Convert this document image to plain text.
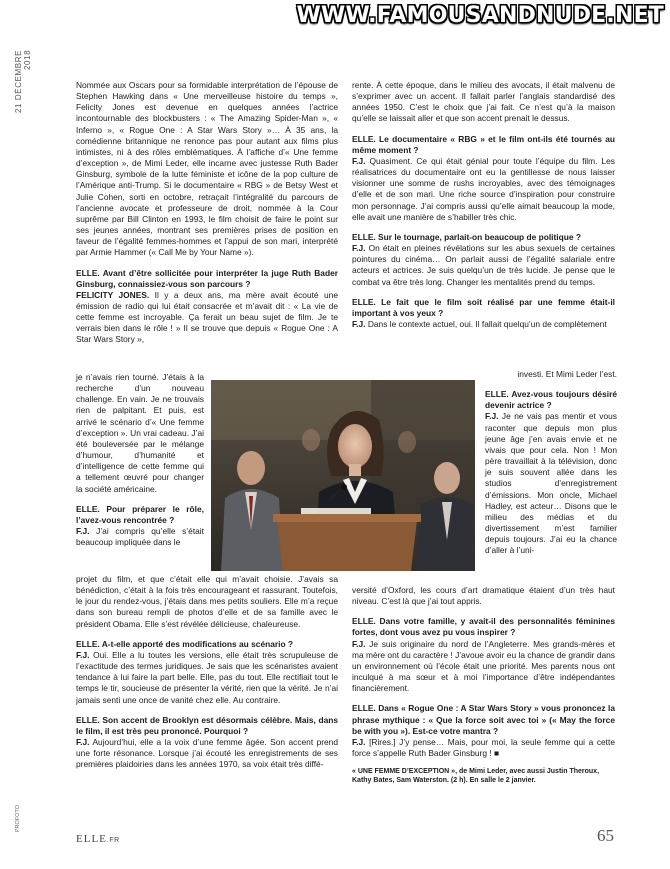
WWW.FAMOUSANDNUDE.NET
21 DÉCEMBRE 2018
PROFOTO

Nommée aux Oscars pour sa formidable interprétation de l’épouse de Stephen Hawking dans « Une merveilleuse histoire du temps », Felicity Jones est devenue en quelques années l’actrice incontournable des blockbusters : « The Amazing Spider-Man », « Inferno », « Rogue One : A Star Wars Story »… À 35 ans, la comédienne britannique ne renonce pas pour autant aux films plus intimistes, ni à des rôles emblématiques. À l’affiche d’« Une femme d’exception », de Mimi Leder, elle incarne avec justesse Ruth Bader Ginsburg, symbole de la lutte féministe et icône de la pop culture de l’Amérique anti-Trump. Si le documentaire « RBG » de Betsy West et Julie Cohen, sorti en octobre, retraçait l’intégralité du parcours de l’ancienne avocate et professeure de droit, nommée à la Cour suprême par Bill Clinton en 1993, le film choisit de faire le point sur ses jeunes années, montrant ses premières prises de position en faveur de l’égalité femmes-hommes et l’appui de son mari, interprété par Armie Hammer (« Call Me by Your Name »).

ELLE. Avant d’être sollicitée pour interpréter la juge Ruth Bader Ginsburg, connaissiez-vous son parcours ?

FELICITY JONES. Il y a deux ans, ma mère avait écouté une émission de radio qui lui était consacrée et m’avait dit : « La vie de cette femme est incroyable. Ça ferait un beau sujet de film. Je te verrais bien dans le rôle ! » Il se trouve que depuis « Rogue One : A Star Wars Story »,

je n’avais rien tourné. J’étais à la recherche d’un nouveau challenge. En vain. Je ne trouvais rien de palpitant. Et puis, est arrivé le scénario d’« Une femme d’exception ». Un vrai cadeau. J’ai été bouleversée par le mélange d’humour, d’humanité et d’intelligence de cette femme qui a tellement œuvré pour changer la société américaine.

ELLE. Pour préparer le rôle, l’avez-vous rencontrée ?

F.J. J’ai compris qu’elle s’était beaucoup impliquée dans le

projet du film, et que c’était elle qui m’avait choisie. J’avais sa bénédiction, c’était à la fois très encourageant et rassurant. Toutefois, le jour du rendez-vous, j’étais dans mes petits souliers. Elle m’a reçue dans son bureau rempli de photos d’elle et de sa famille avec le président Obama. Elle s’est révélée délicieuse, chaleureuse.

ELLE. A-t-elle apporté des modifications au scénario ?

F.J. Oui. Elle a lu toutes les versions, elle était très scrupuleuse de l’exactitude des termes juridiques. Je sais que les scénaristes avaient tendance à lui faire la part belle. Elle, pas du tout. Elle rectifiait tout le temps le tir, soucieuse de présenter la vérité, rien que la vérité. Je n’ai jamais senti une once de vanité chez elle. Au contraire.

ELLE. Son accent de Brooklyn est désormais célèbre. Mais, dans le film, il est très peu prononcé. Pourquoi ?

F.J. Aujourd’hui, elle a la voix d’une femme âgée. Son accent prend une forte résonance. Lorsque j’ai écouté les enregistrements de ses premières plaidoiries dans les années 1970, sa voix était très diffé-

rente. À cette époque, dans le milieu des avocats, il était malvenu de s’exprimer avec un accent. Il fallait parler l’anglais standardisé des années 1950. C’est le choix que j’ai fait. Ce n’est qu’à la maison qu’elle se laissait aller et que son accent prenait le dessus.

ELLE. Le documentaire « RBG » et le film ont-ils été tournés au même moment ?

F.J. Quasiment. Ce qui était génial pour toute l’équipe du film. Les réalisatrices du documentaire ont eu la gentillesse de nous laisser visionner une somme de rushs incroyables, avec des témoignages d’elle et de son mari. Une riche source d’inspiration pour construire mon personnage. J’ai compris aussi qu’elle aimait beaucoup la mode, elle avait une manière de s’habiller très chic.

ELLE. Sur le tournage, parlait-on beaucoup de politique ?

F.J. On était en pleines révélations sur les abus sexuels de certaines pointures du cinéma… On parlait aussi de l’égalité salariale entre acteurs et actrices. Je suis quelqu’un de très lucide. Je pense que le combat va être très long. Changer les mentalités prend du temps.

ELLE. Le fait que le film soit réalisé par une femme était-il important à vos yeux ?

F.J. Dans le contexte actuel, oui. Il fallait quelqu’un de complètement

investi. Et Mimi Leder l’est.

ELLE. Avez-vous toujours désiré devenir actrice ?

F.J. Je ne vais pas mentir et vous raconter que depuis mon plus jeune âge j’en avais envie et ne vivais que pour cela. Non ! Mon père travaillait à la télévision, donc je suis souvent allée dans les studios d’enregistrement d’émissions. Mon oncle, Michael Hadley, est acteur… Disons que le milieu des médias et du divertissement m’est familier depuis toujours. J’ai eu la chance d’aller à l’uni-

versité d’Oxford, les cours d’art dramatique étaient d’un très haut niveau. C’est là que j’ai tout appris.

ELLE. Dans votre famille, y avait-il des personnalités féminines fortes, dont vous avez pu vous inspirer ?

F.J. Je suis originaire du nord de l’Angleterre. Mes grands-mères et ma mère ont du caractère ! J’avoue avoir eu la chance de grandir dans un environnement où l’école était une priorité. Mes parents nous ont inculqué à ma sœur et à moi l’importance d’être indépendantes financièrement.

ELLE. Dans « Rogue One : A Star Wars Story » vous prononcez la phrase mythique : « Que la force soit avec toi » (« May the force be with you »). Est-ce votre mantra ?

F.J. [Rires.] J’y pense… Mais, pour moi, la seule femme qui a cette force s’appelle Ruth Bader Ginsburg ! ■

« UNE FEMME D’EXCEPTION », de Mimi Leder, avec aussi Justin Theroux, Kathy Bates, Sam Waterston. (2 h). En salle le 2 janvier.

ELLE.FR	65
